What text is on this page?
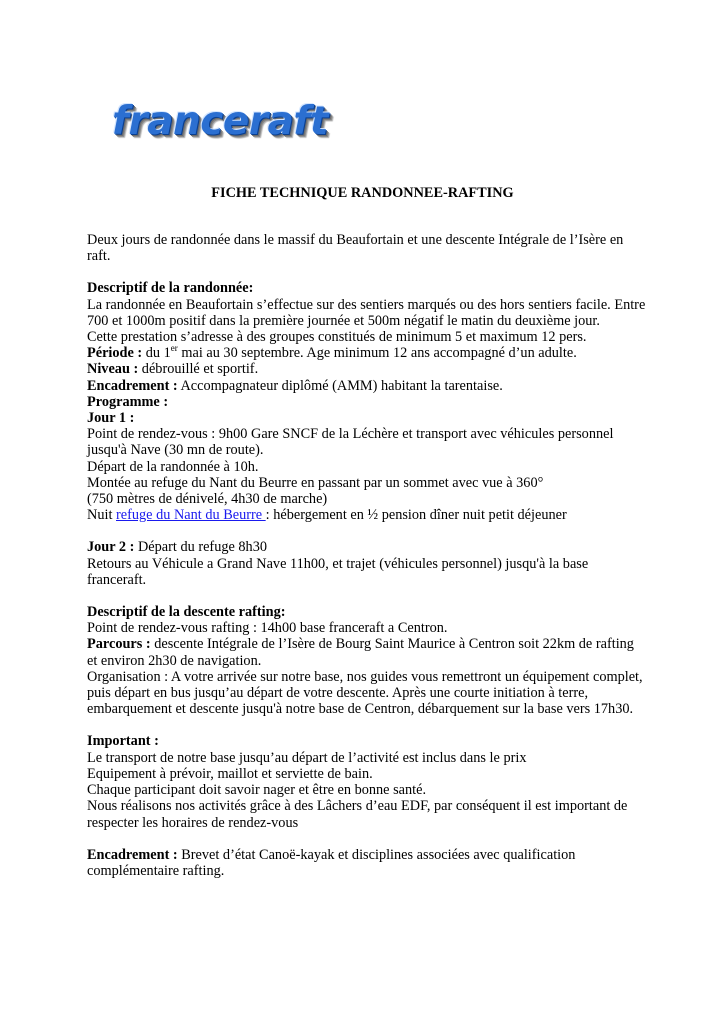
franceraft
FICHE TECHNIQUE RANDONNEE-RAFTING

Deux jours de randonnée dans le massif du Beaufortain et une descente Intégrale de l’Isère en raft.

Descriptif de la randonnée:

La randonnée en Beaufortain s’effectue sur des sentiers marqués ou des hors sentiers facile. Entre 700 et 1000m positif dans la première journée et 500m négatif le matin du deuxième jour.

Cette prestation s’adresse à des groupes constitués de minimum 5 et maximum 12 pers.

Période : du 1er mai au 30 septembre. Age minimum 12 ans accompagné d’un adulte.

Niveau : débrouillé et sportif.

Encadrement : Accompagnateur diplômé (AMM) habitant la tarentaise.

Programme :

Jour 1 :

Point de rendez-vous : 9h00 Gare SNCF de la Léchère et transport avec véhicules personnel jusqu'à Nave (30 mn de route).

Départ de la randonnée à 10h.

Montée au refuge du Nant du Beurre en passant par un sommet avec vue à 360°

(750 mètres de dénivelé, 4h30 de marche)

Nuit refuge du Nant du Beurre : hébergement en ½ pension dîner nuit petit déjeuner

Jour 2 : Départ du refuge 8h30

Retours au Véhicule a Grand Nave 11h00, et trajet (véhicules personnel) jusqu'à la base franceraft.

Descriptif de la descente rafting:

Point de rendez-vous rafting : 14h00 base franceraft a Centron.

Parcours : descente Intégrale de l’Isère de Bourg Saint Maurice à Centron soit 22km de rafting et environ 2h30 de navigation.

Organisation : A votre arrivée sur notre base, nos guides vous remettront un équipement complet, puis départ en bus jusqu’au départ de votre descente. Après une courte initiation à terre, embarquement et descente jusqu'à notre base de Centron, débarquement sur la base vers 17h30.

Important :

Le transport de notre base jusqu’au départ de l’activité est inclus dans le prix

Equipement à prévoir, maillot et serviette de bain.

Chaque participant doit savoir nager et être en bonne santé.

Nous réalisons nos activités grâce à des Lâchers d’eau EDF, par conséquent il est important de respecter les horaires de rendez-vous

Encadrement : Brevet d’état Canoë-kayak et disciplines associées avec qualification complémentaire rafting.
